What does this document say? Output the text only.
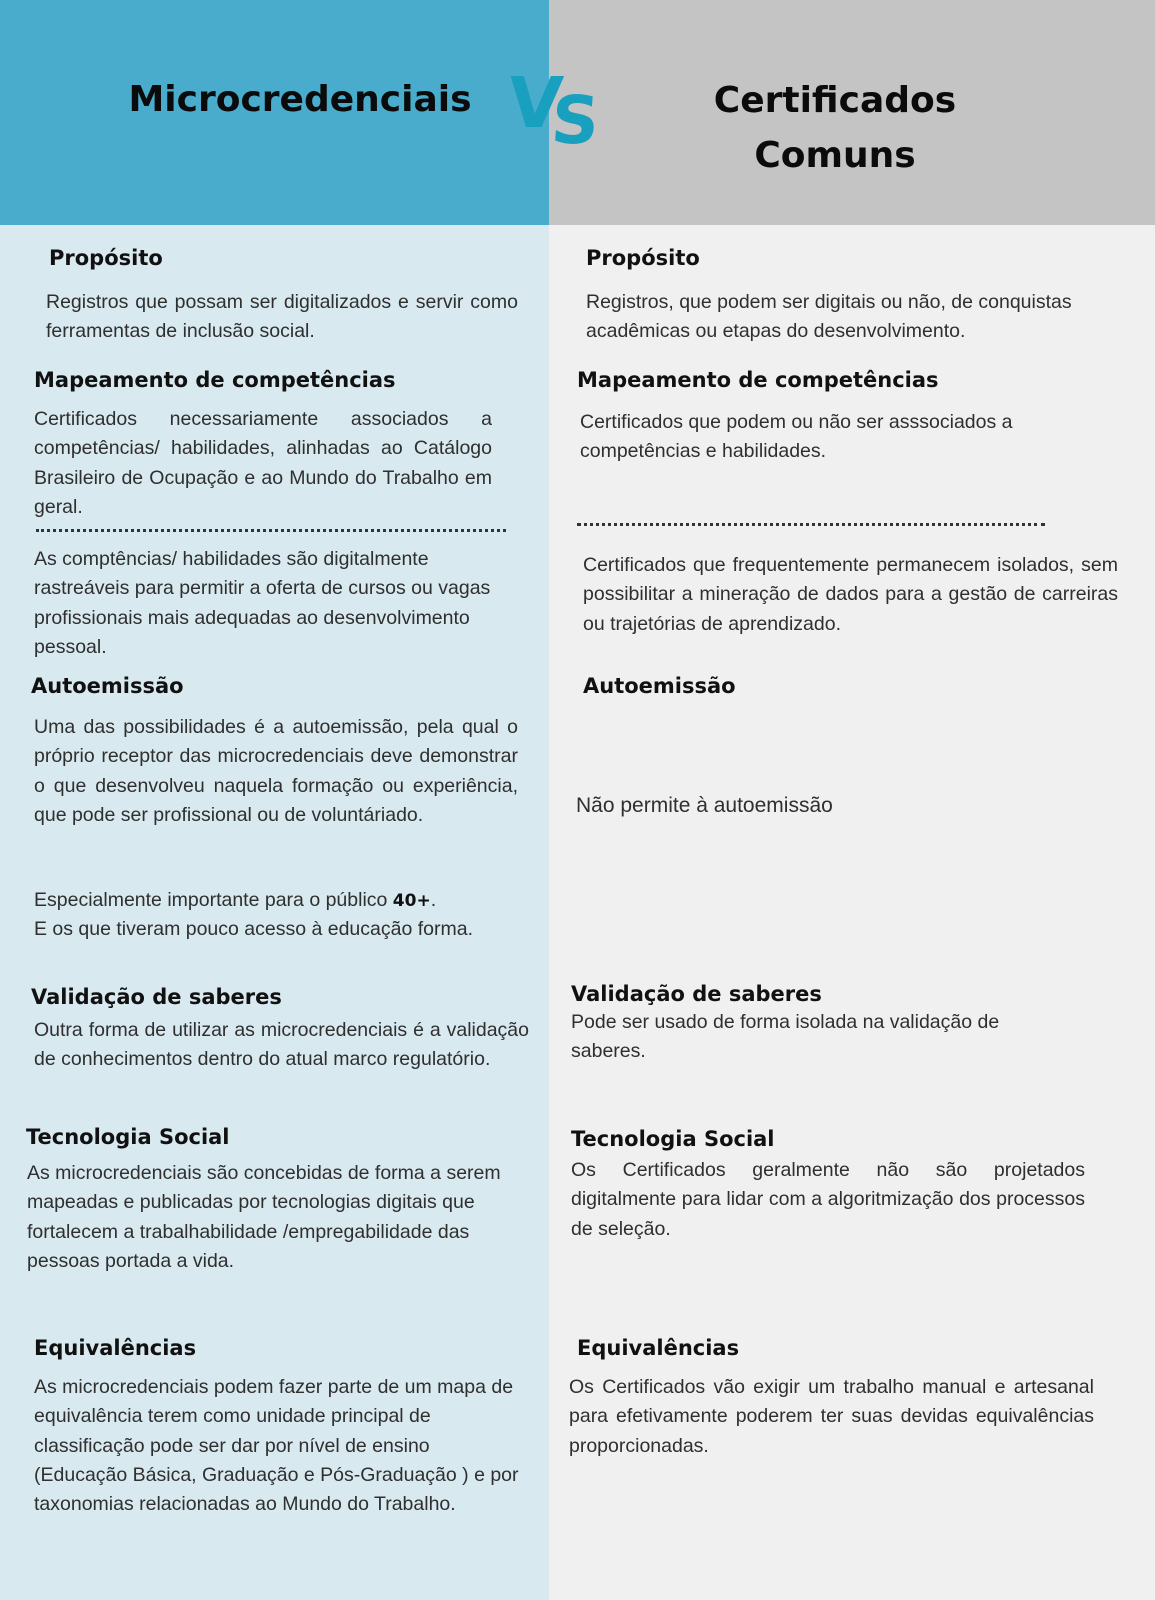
Microcredenciais	Certificados
Comuns
VS
Propósito
Registros que possam ser digitalizados e servir como ferramentas de inclusão social.
Mapeamento de competências
Certificados necessariamente associados a competências/ habilidades, alinhadas ao Catálogo Brasileiro de Ocupação e ao Mundo do Trabalho em geral.
As comptências/ habilidades são digitalmente rastreáveis para permitir a oferta de cursos ou vagas profissionais mais adequadas ao desenvolvimento pessoal.
Autoemissão
Uma das possibilidades é a autoemissão, pela qual o próprio receptor das microcredenciais deve demonstrar o que desenvolveu naquela formação ou experiência, que pode ser profissional ou de voluntáriado.
Especialmente importante para o público 40+.
E os que tiveram pouco acesso à educação forma.
Validação de saberes
Outra forma de utilizar as microcredenciais é a validação de conhecimentos dentro do atual marco regulatório.
Tecnologia Social
As microcredenciais são concebidas de forma a serem mapeadas e publicadas por tecnologias digitais que fortalecem a trabalhabilidade /empregabilidade das pessoas portada a vida.
Equivalências
As microcredenciais podem fazer parte de um mapa de equivalência terem como unidade principal de classificação pode ser dar por nível de ensino (Educação Básica, Graduação e Pós-Graduação ) e por taxonomias relacionadas ao Mundo do Trabalho.
Propósito
Registros, que podem ser digitais ou não, de conquistas acadêmicas ou etapas do desenvolvimento.
Mapeamento de competências
Certificados que podem ou não ser asssociados a competências e habilidades.
Certificados que frequentemente permanecem isolados, sem possibilitar a mineração de dados para a gestão de carreiras ou trajetórias de aprendizado.
Autoemissão
Não permite à autoemissão
Validação de saberes
Pode ser usado de forma isolada na validação de saberes.
Tecnologia Social
Os Certificados geralmente não são projetados digitalmente para lidar com a algoritmização dos processos de seleção.
Equivalências
Os Certificados vão exigir um trabalho manual e artesanal para efetivamente poderem ter suas devidas equivalências proporcionadas.
